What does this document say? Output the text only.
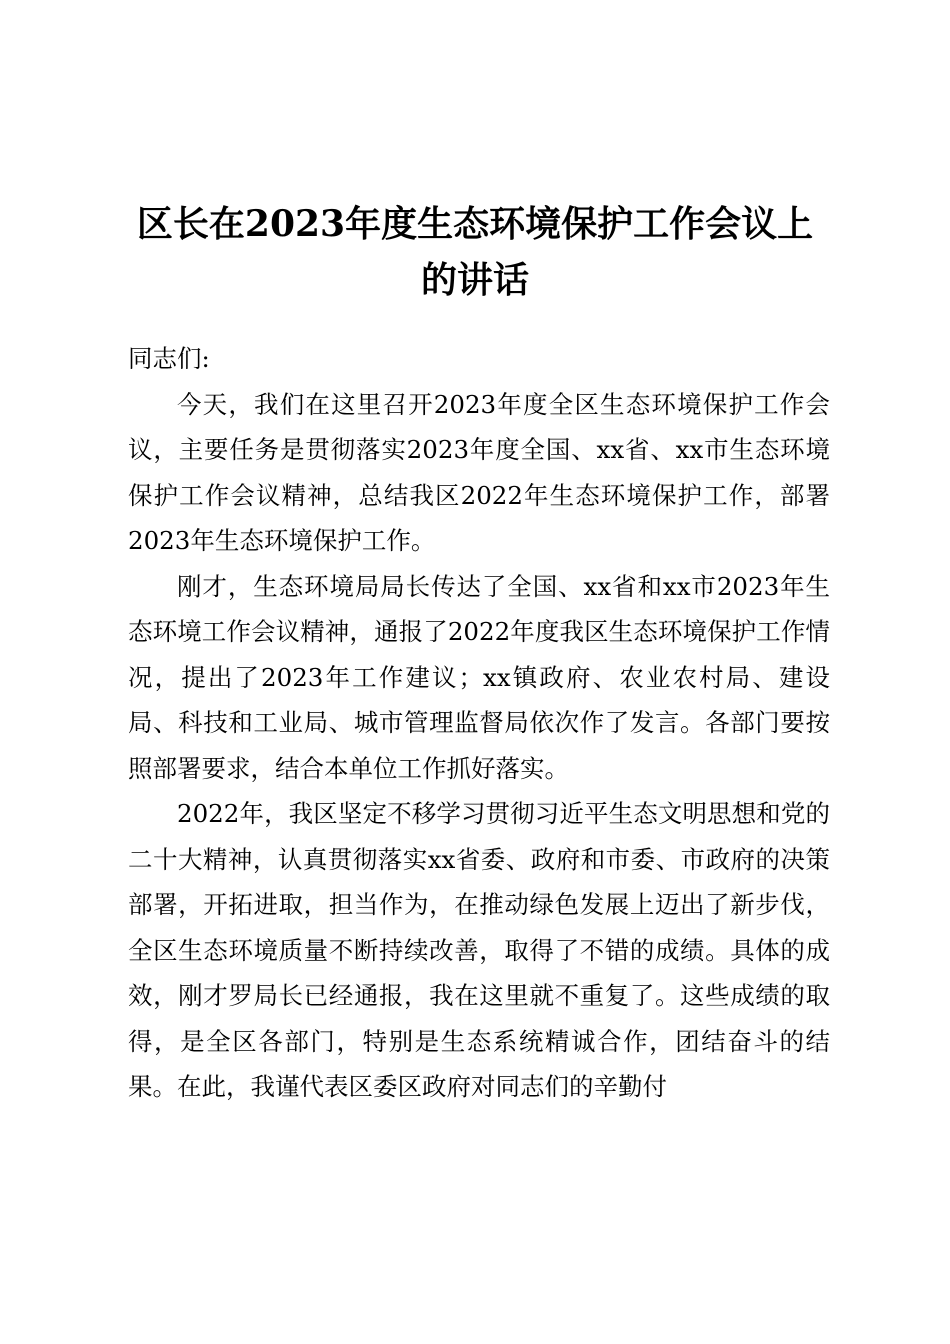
区长在2023年度生态环境保护工作会议上的讲话

同志们:

今天，我们在这里召开2023年度全区生态环境保护工作会议，主要任务是贯彻落实2023年度全国、xx省、xx市生态环境保护工作会议精神，总结我区2022年生态环境保护工作，部署2023年生态环境保护工作。

刚才，生态环境局局长传达了全国、xx省和xx市2023年生态环境工作会议精神，通报了2022年度我区生态环境保护工作情况，提出了2023年工作建议；xx镇政府、农业农村局、建设局、科技和工业局、城市管理监督局依次作了发言。各部门要按照部署要求，结合本单位工作抓好落实。

2022年，我区坚定不移学习贯彻习近平生态文明思想和党的二十大精神，认真贯彻落实xx省委、政府和市委、市政府的决策部署，开拓进取，担当作为，在推动绿色发展上迈出了新步伐，全区生态环境质量不断持续改善，取得了不错的成绩。具体的成效，刚才罗局长已经通报，我在这里就不重复了。这些成绩的取得，是全区各部门，特别是生态系统精诚合作，团结奋斗的结果。在此，我谨代表区委区政府对同志们的辛勤付
